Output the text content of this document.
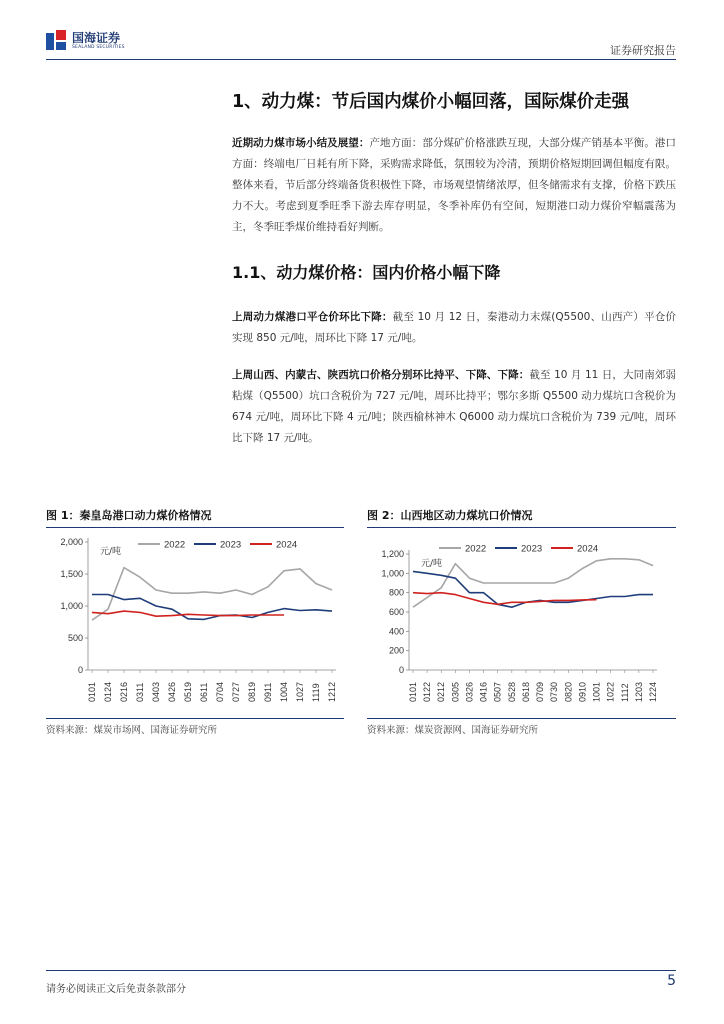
国海证券
SEALAND SECURITIES	证券研究报告
1、动力煤：节后国内煤价小幅回落，国际煤价走强
近期动力煤市场小结及展望：产地方面：部分煤矿价格涨跌互现，大部分煤产销基本平衡。港口方面：终端电厂日耗有所下降，采购需求降低，氛围较为冷清，预期价格短期回调但幅度有限。整体来看，节后部分终端备货积极性下降，市场观望情绪浓厚，但冬储需求有支撑，价格下跌压力不大。考虑到夏季旺季下游去库存明显，冬季补库仍有空间，短期港口动力煤价窄幅震荡为主，冬季旺季煤价维持看好判断。
1.1、动力煤价格：国内价格小幅下降
上周动力煤港口平仓价环比下降：截至 10 月 12 日，秦港动力末煤(Q5500、山西产）平仓价实现 850 元/吨，周环比下降 17 元/吨。
上周山西、内蒙古、陕西坑口价格分别环比持平、下降、下降：截至 10 月 11 日，大同南郊弱粘煤（Q5500）坑口含税价为 727 元/吨，周环比持平；鄂尔多斯 Q5500 动力煤坑口含税价为 674 元/吨，周环比下降 4 元/吨；陕西榆林神木 Q6000 动力煤坑口含税价为 739 元/吨，周环比下降 17 元/吨。
图 1：秦皇岛港口动力煤价格情况	图 2：山西地区动力煤坑口价情况
0
500
1,000
1,500
2,000
元/吨
0101 0124 0216 0311 0403 0426 0519 0611 0704 0727 0819 0911 1004 1027 1119 1212
2022	2023	2024
0
200
400
600
800
1,000
1,200
元/吨
0101 0122 0212 0305 0326 0416 0507 0528 0618 0709 0730 0820 0910 1001 1022 1112 1203 1224
2022	2023	2024
资料来源：煤炭市场网、国海证券研究所	资料来源：煤炭资源网、国海证券研究所
请务必阅读正文后免责条款部分
5
